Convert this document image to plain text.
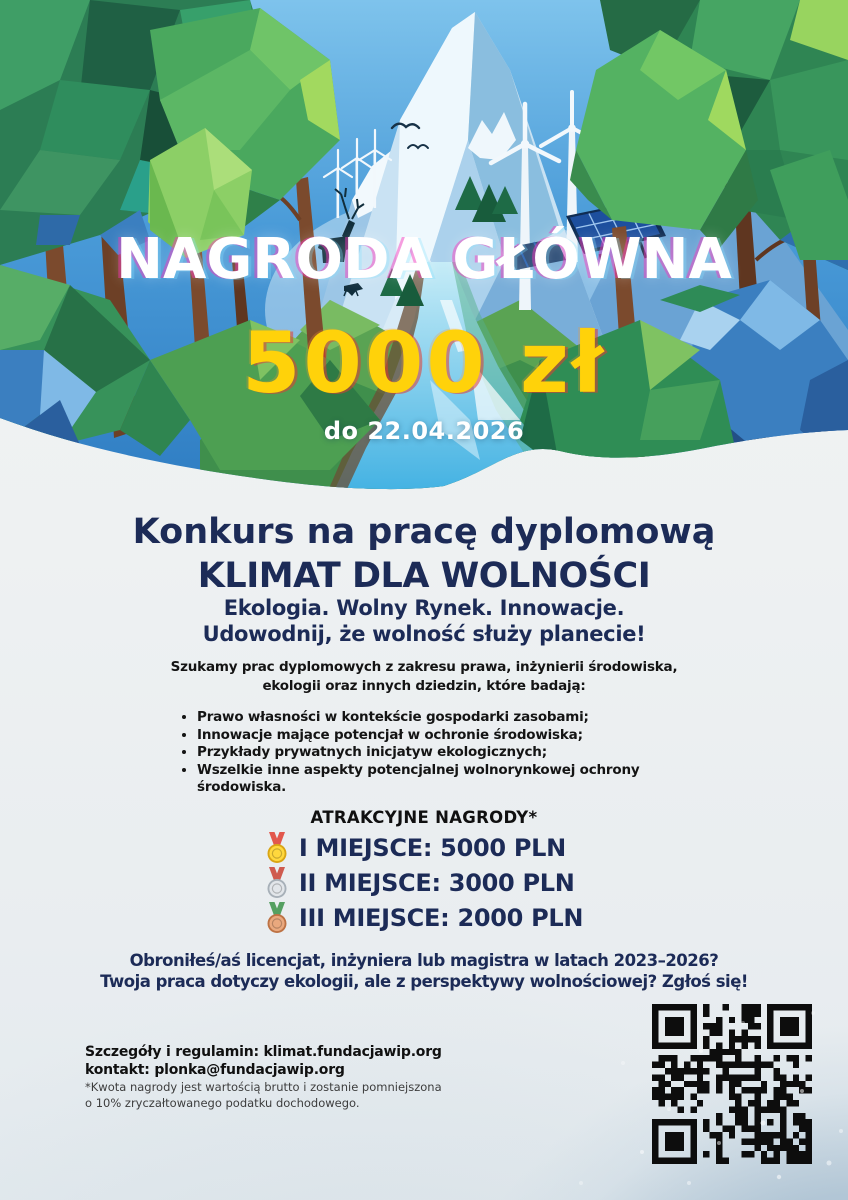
NAGRODA GŁÓWNA
5000 zł
do 22.04.2026
Konkurs na pracę dyplomową
KLIMAT DLA WOLNOŚCI
Ekologia. Wolny Rynek. Innowacje.
Udowodnij, że wolność służy planecie!
Szukamy prac dyplomowych z zakresu prawa, inżynierii środowiska,
ekologii oraz innych dziedzin, które badają:
• Prawo własności w kontekście gospodarki zasobami;
• Innowacje mające potencjał w ochronie środowiska;
• Przykłady prywatnych inicjatyw ekologicznych;
• Wszelkie inne aspekty potencjalnej wolnorynkowej ochrony środowiska.
ATRAKCYJNE NAGRODY*
I MIEJSCE: 5000 PLN
II MIEJSCE: 3000 PLN
III MIEJSCE: 2000 PLN
Obroniłeś/aś licencjat, inżyniera lub magistra w latach 2023–2026?
Twoja praca dotyczy ekologii, ale z perspektywy wolnościowej? Zgłoś się!
Szczegóły i regulamin: klimat.fundacjawip.org
kontakt: plonka@fundacjawip.org
*Kwota nagrody jest wartością brutto i zostanie pomniejszona
o 10% zryczałtowanego podatku dochodowego.
